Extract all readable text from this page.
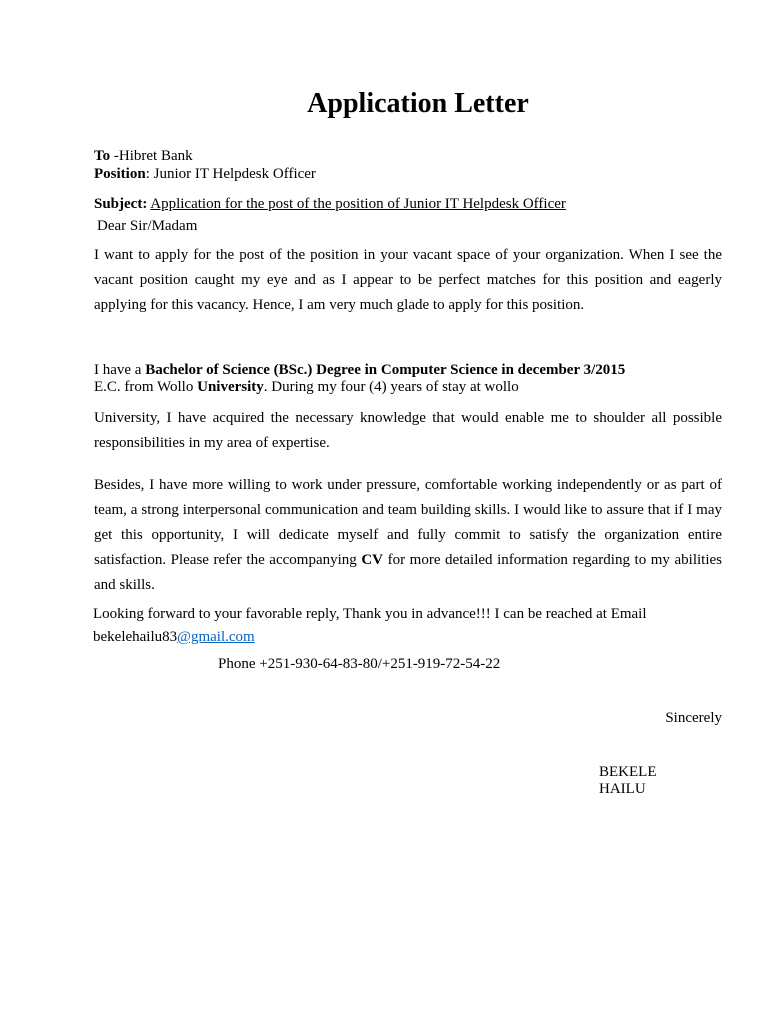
Application Letter
To -Hibret Bank
Position: Junior IT Helpdesk Officer
Subject: Application for the post of the position of Junior IT Helpdesk Officer
Dear Sir/Madam

I want to apply for the post of the position in your vacant space of your organization. When I see the vacant position caught my eye and as I appear to be perfect matches for this position and eagerly applying for this vacancy. Hence, I am very much glade to apply for this position.

I have a Bachelor of Science (BSc.) Degree in Computer Science in december 3/2015
E.C. from Wollo University. During my four (4) years of stay at wollo

University, I have acquired the necessary knowledge that would enable me to shoulder all possible responsibilities in my area of expertise.

Besides, I have more willing to work under pressure, comfortable working independently or as part of team, a strong interpersonal communication and team building skills. I would like to assure that if I may get this opportunity, I will dedicate myself and fully commit to satisfy the organization entire satisfaction. Please refer the accompanying CV for more detailed information regarding to my abilities and skills.

Looking forward to your favorable reply, Thank you in advance!!! I can be reached at Email
bekelehailu83@gmail.com
Phone +251-930-64-83-80/+251-919-72-54-22
Sincerely
BEKELE
HAILU
